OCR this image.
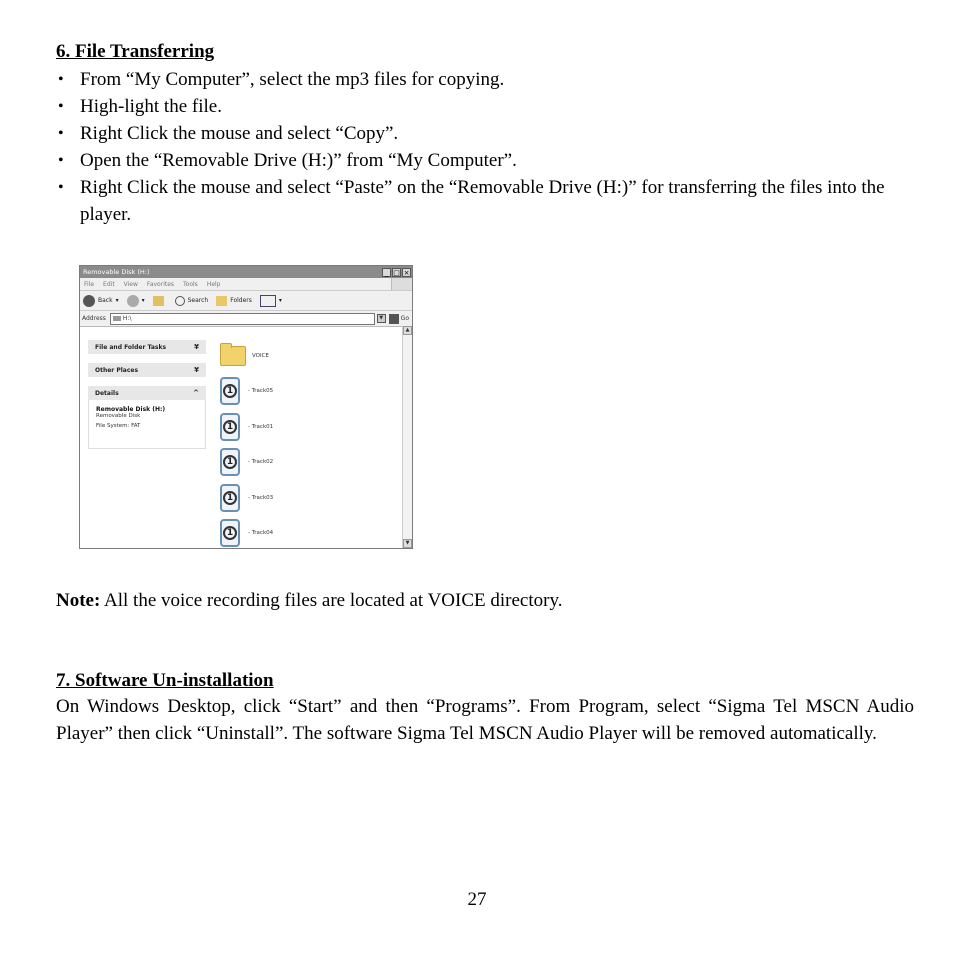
6. File Transferring
• From “My Computer”, select the mp3 files for copying.
• High-light the file.
• Right Click the mouse and select “Copy”.
• Open the “Removable Drive (H:)” from “My Computer”.
• Right Click the mouse and select “Paste” on the “Removable Drive (H:)” for transferring the files into the player.
Removable Disk (H:)	_ □ ×
File Edit View Favorites Tools Help
Back ▾	▾	Search	Folders	▾
Address	H:\	▼	Go
File and Folder Tasks	¥
Other Places	¥
Details	^
Removable Disk (H:)
Removable Disk
File System: FAT
VOICE
1	- Track05
1	- Track01
1	- Track02
1	- Track03
1	- Track04
▲
▼
Note: All the voice recording files are located at VOICE directory.
7. Software Un-installation
On Windows Desktop, click “Start” and then “Programs”. From Program, select “Sigma Tel MSCN Audio Player” then click “Uninstall”. The software Sigma Tel MSCN Audio Player will be removed automatically.
27
